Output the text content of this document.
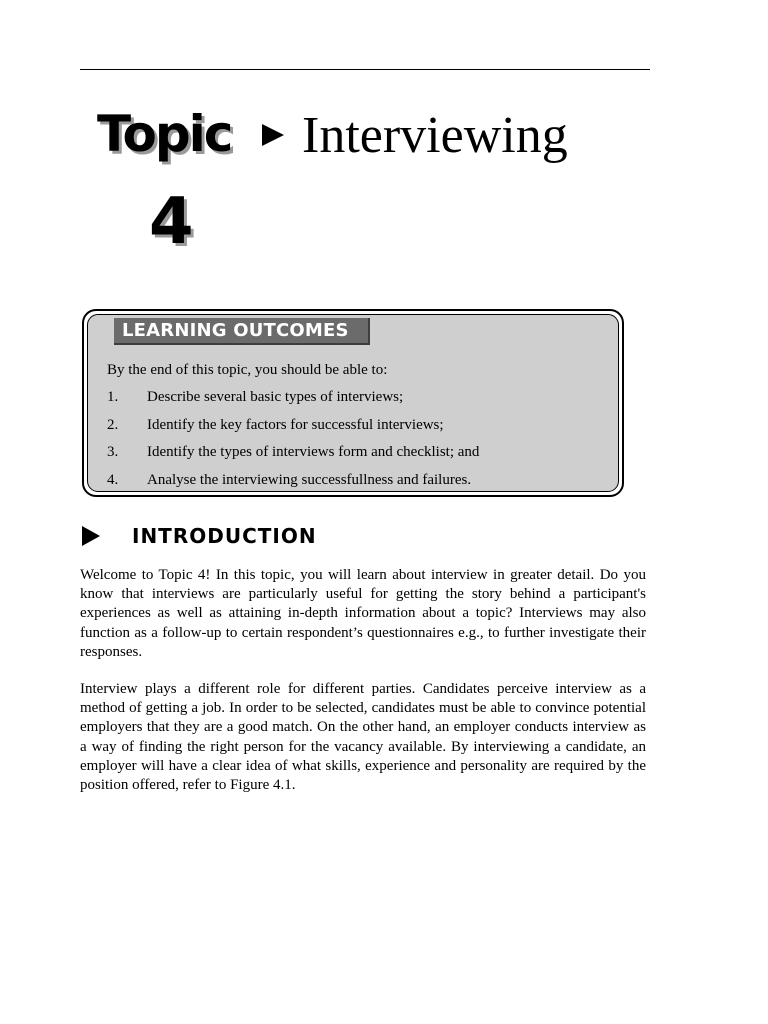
Topic Interviewing
4
LEARNING OUTCOMES
By the end of this topic, you should be able to:
1. Describe several basic types of interviews;
2. Identify the key factors for successful interviews;
3. Identify the types of interviews form and checklist; and
4. Analyse the interviewing successfullness and failures.
INTRODUCTION

Welcome to Topic 4! In this topic, you will learn about interview in greater detail. Do you know that interviews are particularly useful for getting the story behind a participant's experiences as well as attaining in-depth information about a topic? Interviews may also function as a follow-up to certain respondent’s questionnaires e.g., to further investigate their responses.

Interview plays a different role for different parties. Candidates perceive interview as a method of getting a job. In order to be selected, candidates must be able to convince potential employers that they are a good match. On the other hand, an employer conducts interview as a way of finding the right person for the vacancy available. By interviewing a candidate, an employer will have a clear idea of what skills, experience and personality are required by the position offered, refer to Figure 4.1.
